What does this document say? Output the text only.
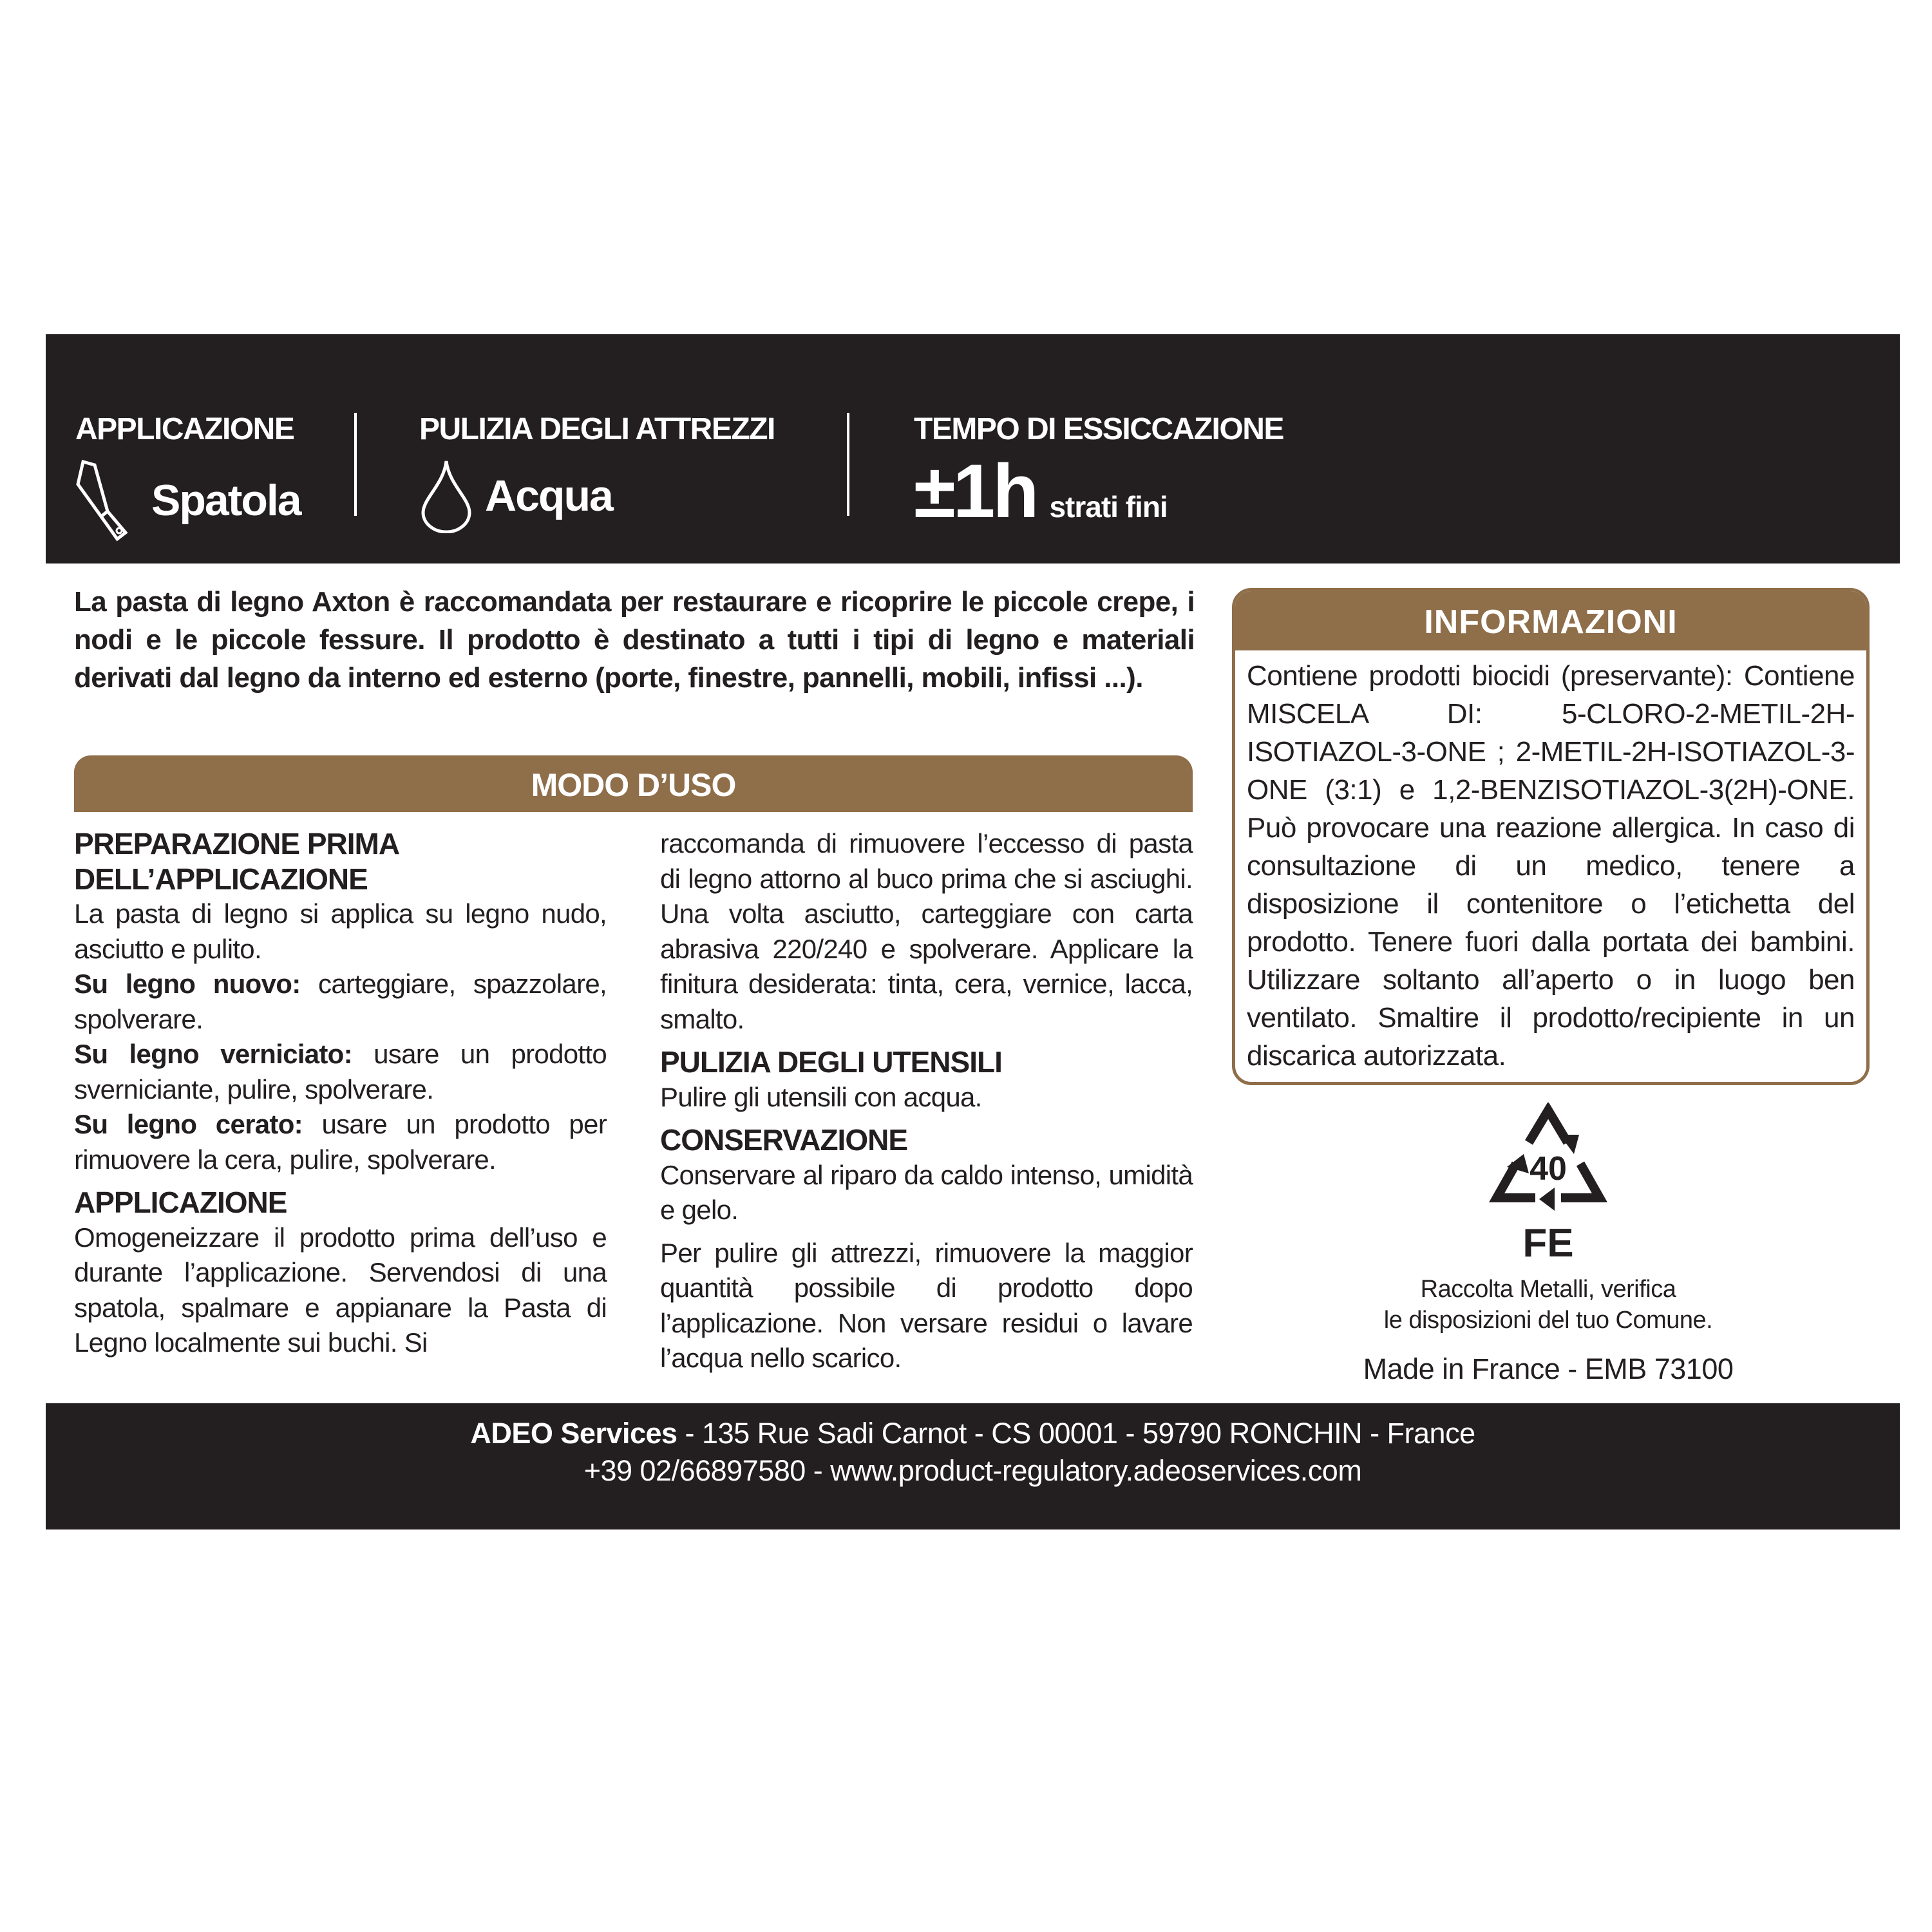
APPLICAZIONE
Spatola
PULIZIA DEGLI ATTREZZI
Acqua
TEMPO DI ESSICCAZIONE
±1h strati fini

La pasta di legno Axton è raccomandata per restaurare e ricoprire le piccole crepe, i nodi e le piccole fessure. Il prodotto è destinato a tutti i tipi di legno e materiali derivati dal legno da interno ed esterno (porte, finestre, pannelli, mobili, infissi ...).

MODO D’USO
PREPARAZIONE PRIMA DELL’APPLICAZIONE

La pasta di legno si applica su legno nudo, asciutto e pulito.
Su legno nuovo: carteggiare, spazzolare, spolverare.
Su legno verniciato: usare un prodotto sverniciante, pulire, spolverare.
Su legno cerato: usare un prodotto per rimuovere la cera, pulire, spolverare.

APPLICAZIONE

Omogeneizzare il prodotto prima dell’uso e durante l’applicazione. Servendosi di una spatola, spalmare e appianare la Pasta di Legno localmente sui buchi. Si

raccomanda di rimuovere l’eccesso di pasta di legno attorno al buco prima che si asciughi. Una volta asciutto, carteggiare con carta abrasiva 220/240 e spolverare. Applicare la finitura desiderata: tinta, cera, vernice, lacca, smalto.

PULIZIA DEGLI UTENSILI

Pulire gli utensili con acqua.

CONSERVAZIONE

Conservare al riparo da caldo intenso, umidità e gelo.

Per pulire gli attrezzi, rimuovere la maggior quantità possibile di prodotto dopo l’applicazione. Non versare residui o lavare l’acqua nello scarico.

INFORMAZIONI

Contiene prodotti biocidi (preservante): Contiene MISCELA DI: 5-CLORO-2-METIL-2H-ISOTIAZOL-3-ONE ; 2-METIL-2H-ISOTIAZOL-3-ONE (3:1) e 1,2-BENZISOTIAZOL-3(2H)-ONE. Può provocare una reazione allergica. In caso di consultazione di un medico, tenere a disposizione il contenitore o l’etichetta del prodotto. Tenere fuori dalla portata dei bambini. Utilizzare soltanto all’aperto o in luogo ben ventilato. Smaltire il prodotto/recipiente in un discarica autorizzata.

40
FE
Raccolta Metalli, verifica
le disposizioni del tuo Comune.
Made in France - EMB 73100
ADEO Services - 135 Rue Sadi Carnot - CS 00001 - 59790 RONCHIN - France
+39 02/66897580 - www.product-regulatory.adeoservices.com
